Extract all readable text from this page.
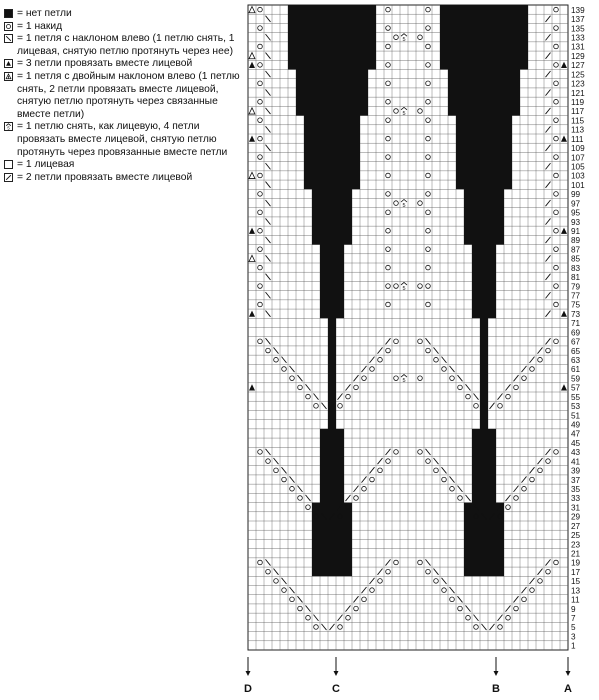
= нет петли
= 1 накид
= 1 петля с наклоном влево (1 петлю снять, 1 лицевая, снятую петлю протянуть через нее)
= 3 петли провязать вместе лицевой
= 1 петля с двойным наклоном влево (1 петлю снять, 2 петли провязать вместе лицевой, снятую петлю протянуть через связанные вместе петли)
5 = 1 петлю снять, как лицевую, 4 петли провязать вместе лицевой, снятую петлю протянуть через провязанные вместе петли
= 1 лицевая
= 2 петли провязать вместе лицевой
5
5
5
5
5
139
137
135
133
131
129
127
125
123
121
119
117
115
113
111
109
107
105
103
101
99
97
95
93
91
89
87
85
83
81
79
77
75
73
71
69
67
65
63
61
59
57
55
53
51
49
47
45
43
41
39
37
35
33
31
29
27
25
23
21
19
17
15
13
11
9
7
5
3
1
D	C	B	A
